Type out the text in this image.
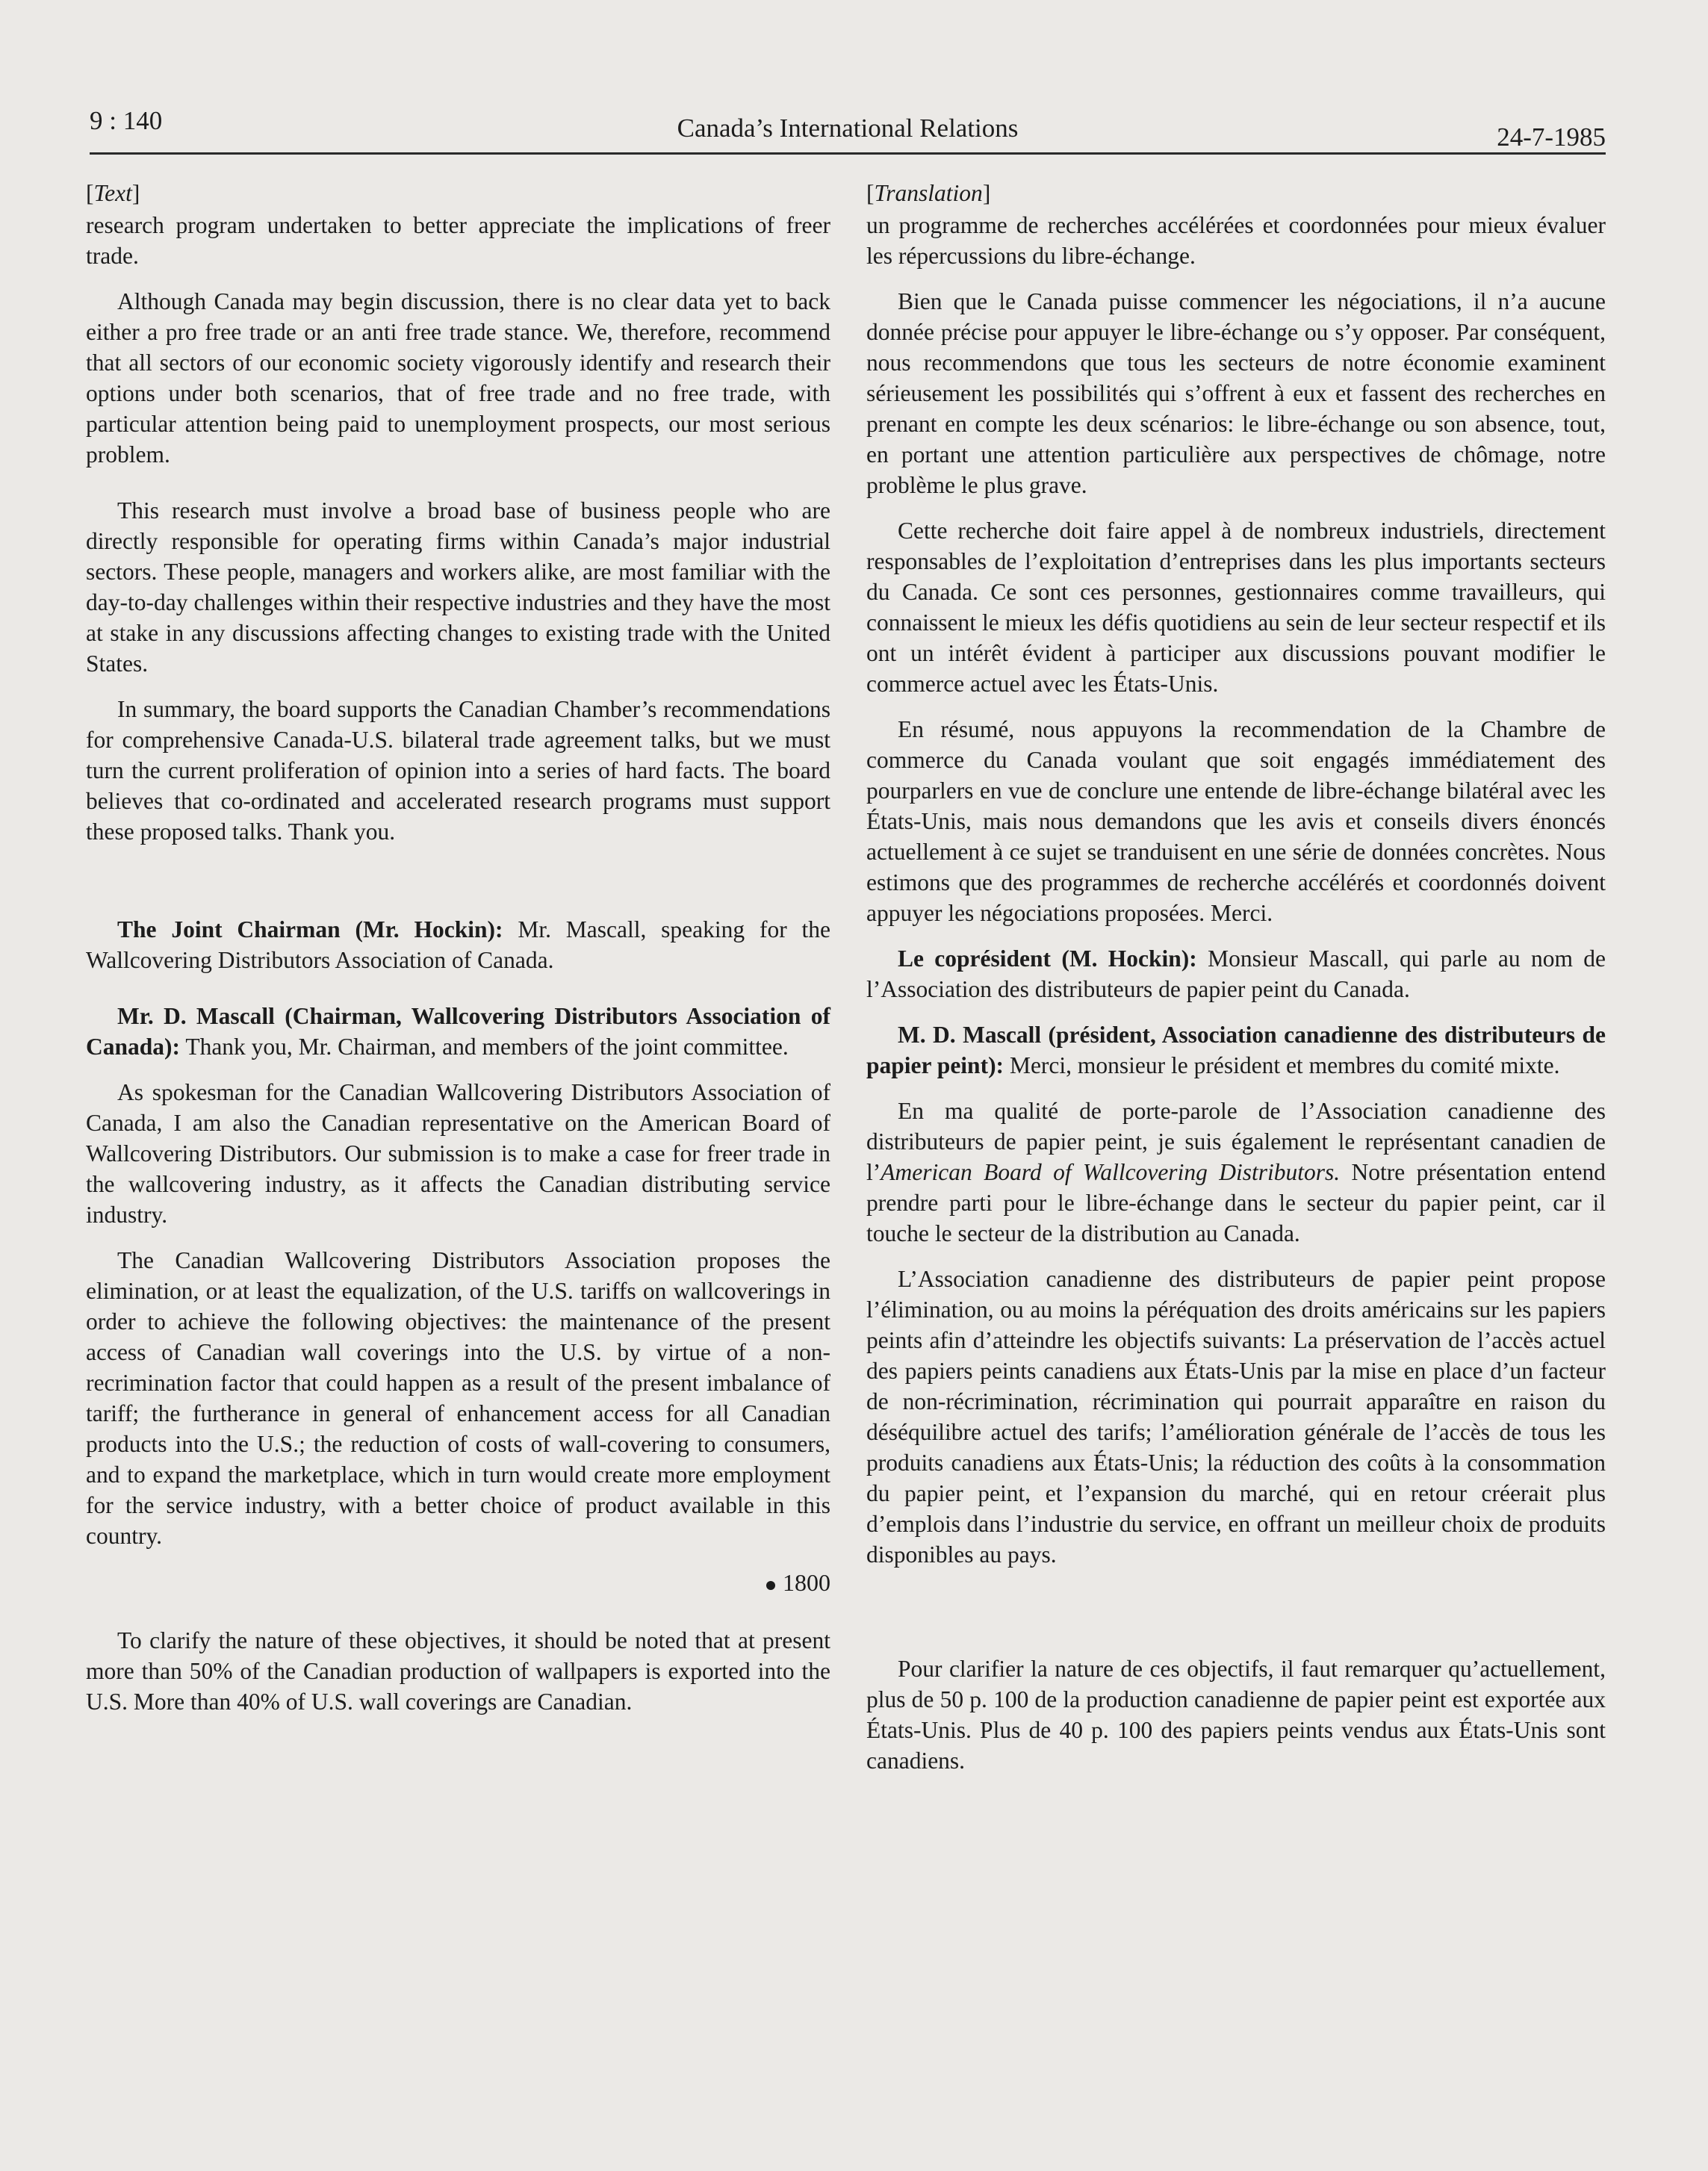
9 : 140	Canada’s International Relations	24-7-1985
[Text]

research program undertaken to better appreciate the implications of freer trade.

Although Canada may begin discussion, there is no clear data yet to back either a pro free trade or an anti free trade stance. We, therefore, recommend that all sectors of our economic society vigorously identify and research their options under both scenarios, that of free trade and no free trade, with particular attention being paid to unemployment prospects, our most serious problem.

This research must involve a broad base of business people who are directly responsible for operating firms within Canada’s major industrial sectors. These people, managers and workers alike, are most familiar with the day-to-day challenges within their respective industries and they have the most at stake in any discussions affecting changes to existing trade with the United States.

In summary, the board supports the Canadian Chamber’s recommendations for comprehensive Canada-U.S. bilateral trade agreement talks, but we must turn the current proliferation of opinion into a series of hard facts. The board believes that co-ordinated and accelerated research programs must support these proposed talks. Thank you.

The Joint Chairman (Mr. Hockin): Mr. Mascall, speaking for the Wallcovering Distributors Association of Canada.

Mr. D. Mascall (Chairman, Wallcovering Distributors Association of Canada): Thank you, Mr. Chairman, and members of the joint committee.

As spokesman for the Canadian Wallcovering Distributors Association of Canada, I am also the Canadian representative on the American Board of Wallcovering Distributors. Our submission is to make a case for freer trade in the wallcovering industry, as it affects the Canadian distributing service industry.

The Canadian Wallcovering Distributors Association proposes the elimination, or at least the equalization, of the U.S. tariffs on wallcoverings in order to achieve the following objectives: the maintenance of the present access of Canadian wall coverings into the U.S. by virtue of a non-recrimination factor that could happen as a result of the present imbalance of tariff; the furtherance in general of enhancement access for all Canadian products into the U.S.; the reduction of costs of wall-covering to consumers, and to expand the marketplace, which in turn would create more employment for the service industry, with a better choice of product available in this country.

1800

To clarify the nature of these objectives, it should be noted that at present more than 50% of the Canadian production of wallpapers is exported into the U.S. More than 40% of U.S. wall coverings are Canadian.

[Translation]

un programme de recherches accélérées et coordonnées pour mieux évaluer les répercussions du libre-échange.

Bien que le Canada puisse commencer les négociations, il n’a aucune donnée précise pour appuyer le libre-échange ou s’y opposer. Par conséquent, nous recommendons que tous les secteurs de notre économie examinent sérieusement les possibilités qui s’offrent à eux et fassent des recherches en prenant en compte les deux scénarios: le libre-échange ou son absence, tout, en portant une attention particulière aux perspectives de chômage, notre problème le plus grave.

Cette recherche doit faire appel à de nombreux industriels, directement responsables de l’exploitation d’entreprises dans les plus importants secteurs du Canada. Ce sont ces personnes, gestionnaires comme travailleurs, qui connaissent le mieux les défis quotidiens au sein de leur secteur respectif et ils ont un intérêt évident à participer aux discussions pouvant modifier le commerce actuel avec les États-Unis.

En résumé, nous appuyons la recommendation de la Chambre de commerce du Canada voulant que soit engagés immédiatement des pourparlers en vue de conclure une entende de libre-échange bilatéral avec les États-Unis, mais nous demandons que les avis et conseils divers énoncés actuellement à ce sujet se tranduisent en une série de données concrètes. Nous estimons que des programmes de recherche accélérés et coordonnés doivent appuyer les négociations proposées. Merci.

Le coprésident (M. Hockin): Monsieur Mascall, qui parle au nom de l’Association des distributeurs de papier peint du Canada.

M. D. Mascall (président, Association canadienne des distributeurs de papier peint): Merci, monsieur le président et membres du comité mixte.

En ma qualité de porte-parole de l’Association canadienne des distributeurs de papier peint, je suis également le représentant canadien de l’American Board of Wallcovering Distributors. Notre présentation entend prendre parti pour le libre-échange dans le secteur du papier peint, car il touche le secteur de la distribution au Canada.

L’Association canadienne des distributeurs de papier peint propose l’élimination, ou au moins la péréquation des droits américains sur les papiers peints afin d’atteindre les objectifs suivants: La préservation de l’accès actuel des papiers peints canadiens aux États-Unis par la mise en place d’un facteur de non-récrimination, récrimination qui pourrait apparaître en raison du déséquilibre actuel des tarifs; l’amélioration générale de l’accès de tous les produits canadiens aux États-Unis; la réduction des coûts à la consommation du papier peint, et l’expansion du marché, qui en retour créerait plus d’emplois dans l’industrie du service, en offrant un meilleur choix de produits disponibles au pays.

Pour clarifier la nature de ces objectifs, il faut remarquer qu’actuellement, plus de 50 p. 100 de la production canadienne de papier peint est exportée aux États-Unis. Plus de 40 p. 100 des papiers peints vendus aux États-Unis sont canadiens.
